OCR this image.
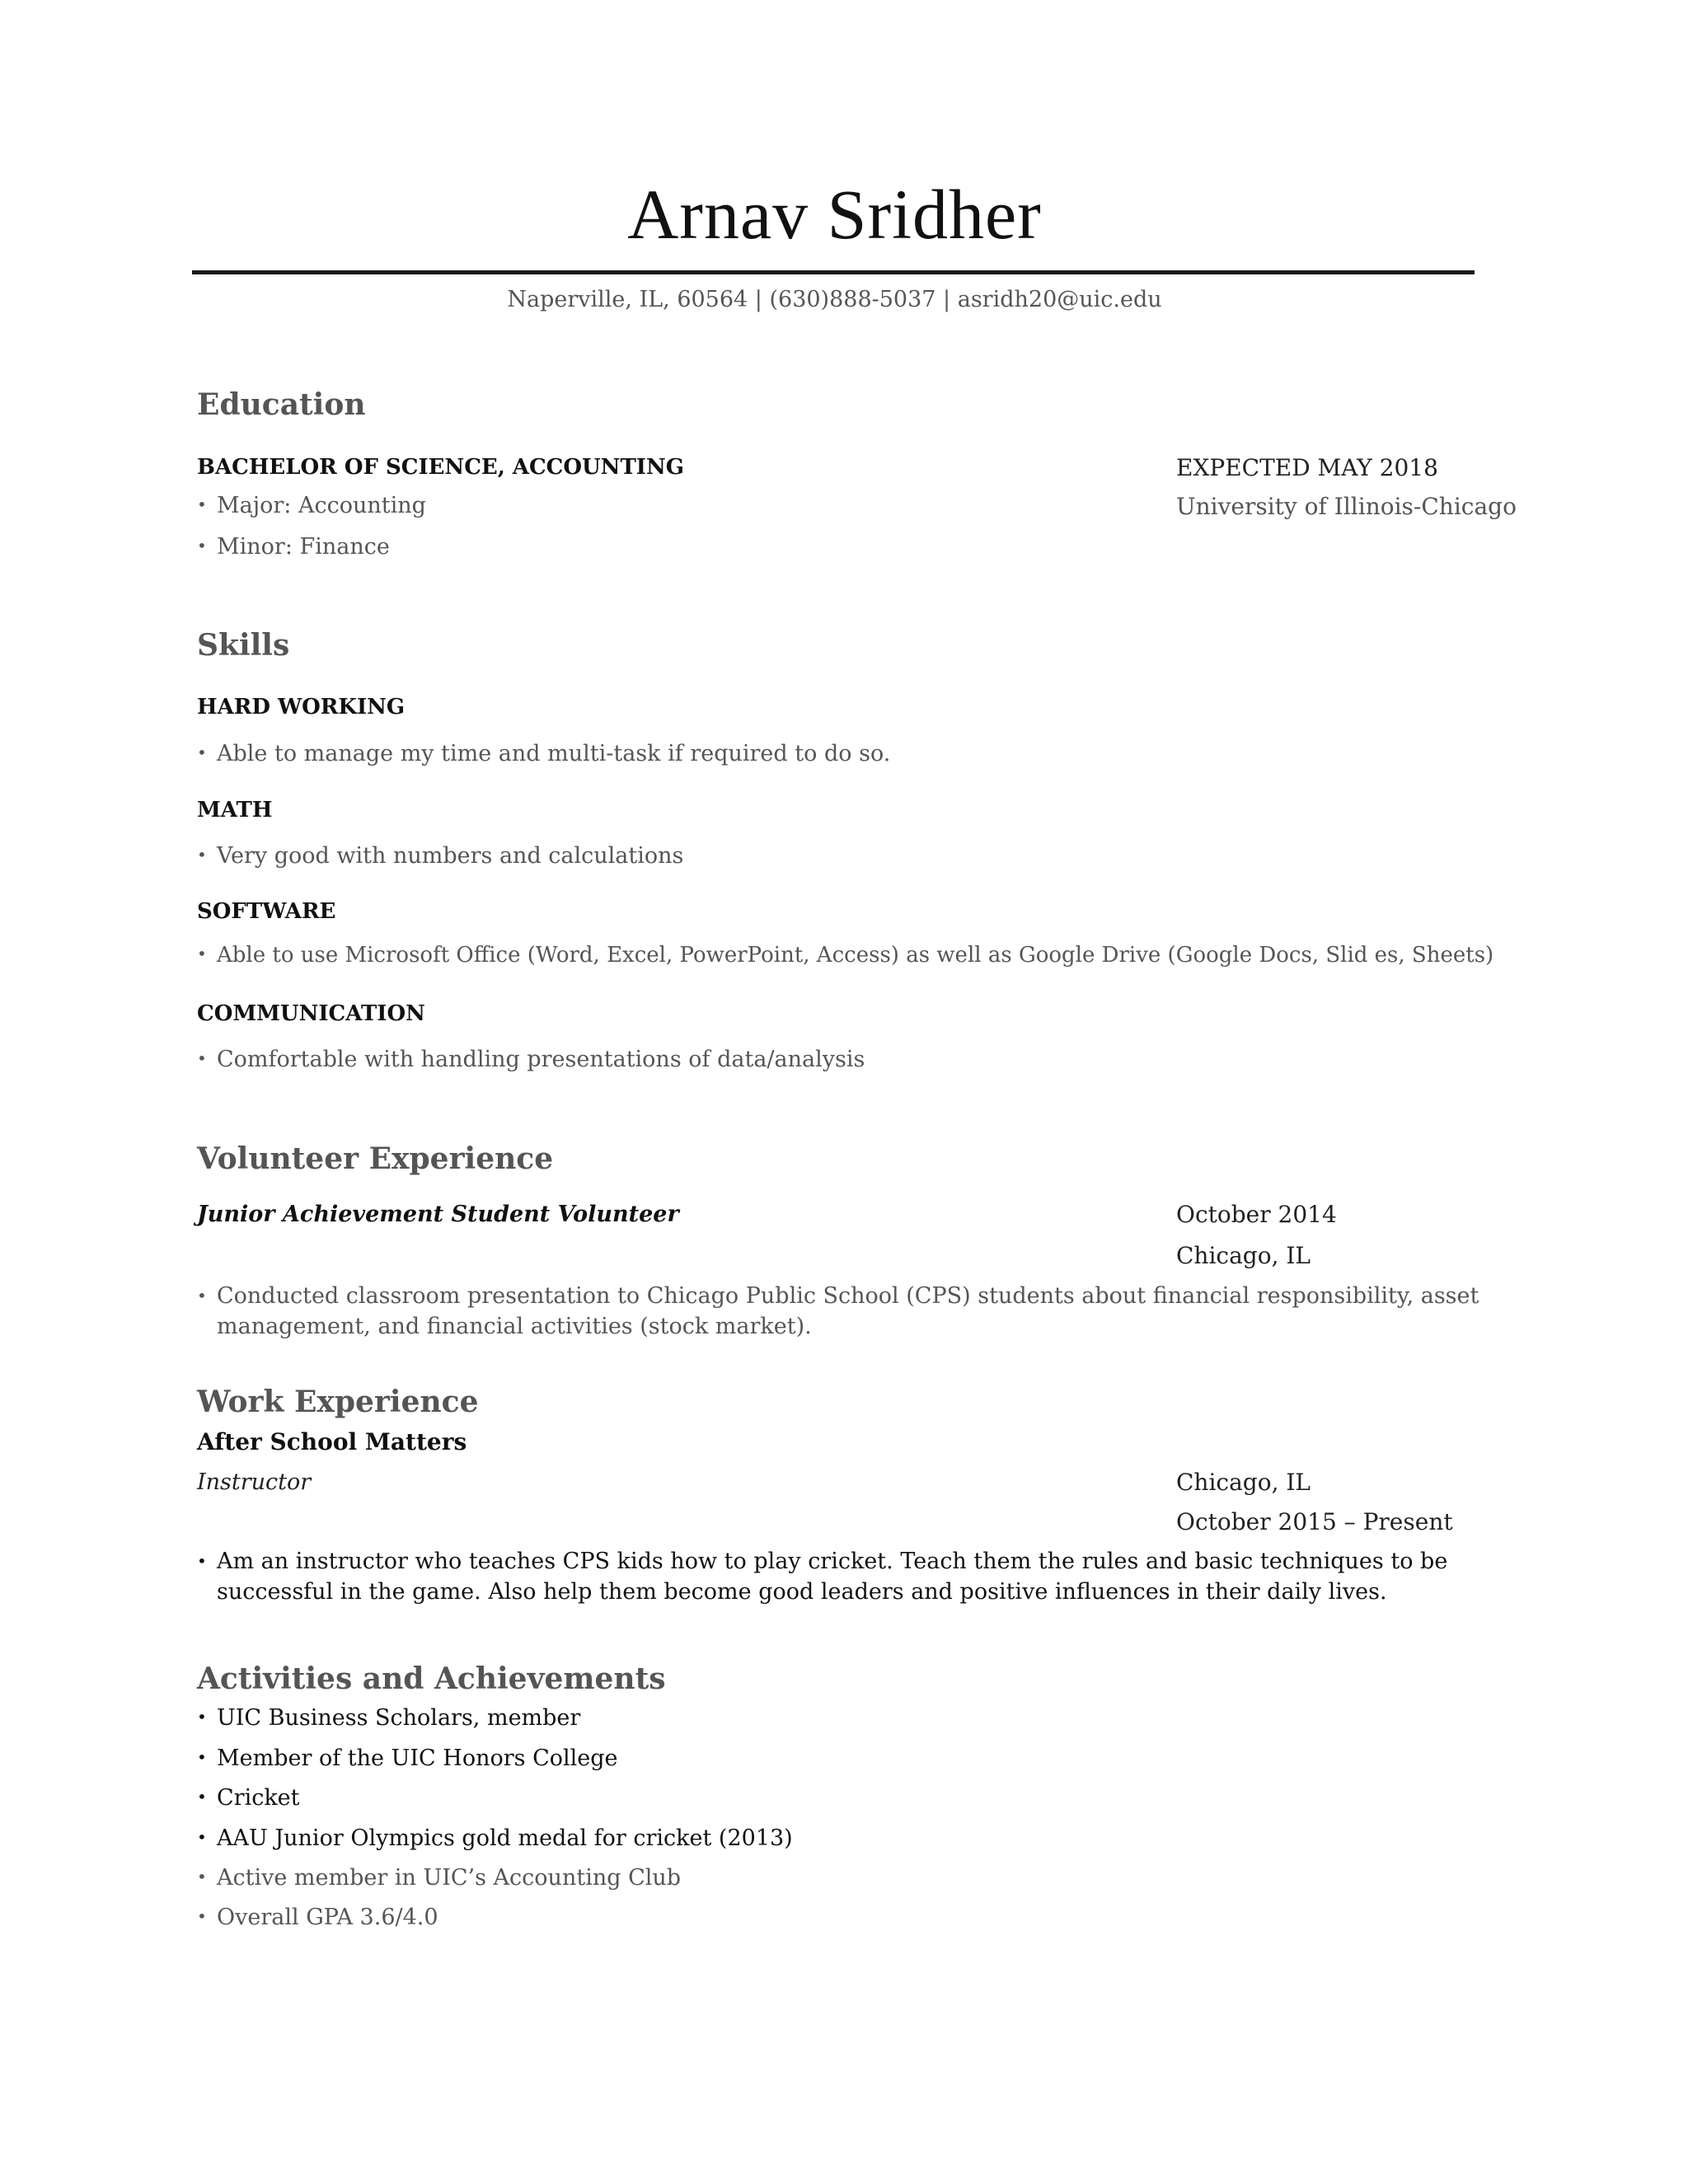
Arnav Sridher
Naperville, IL, 60564 | (630)888-5037 | asridh20@uic.edu
Education
BACHELOR OF SCIENCE, ACCOUNTING	EXPECTED MAY 2018
• Major: Accounting	University of Illinois-Chicago
• Minor: Finance
Skills
HARD WORKING
• Able to manage my time and multi-task if required to do so.
MATH
• Very good with numbers and calculations
SOFTWARE
• Able to use Microsoft Office (Word, Excel, PowerPoint, Access) as well as Google Drive (Google Docs, Slid es, Sheets)
COMMUNICATION
• Comfortable with handling presentations of data/analysis
Volunteer Experience
Junior Achievement Student Volunteer	October 2014
Chicago, IL
• Conducted classroom presentation to Chicago Public School (CPS) students about financial responsibility, asset management, and financial activities (stock market).
Work Experience
After School Matters
Instructor	Chicago, IL
October 2015 – Present
• Am an instructor who teaches CPS kids how to play cricket. Teach them the rules and basic techniques to be successful in the game. Also help them become good leaders and positive influences in their daily lives.
Activities and Achievements
• UIC Business Scholars, member
• Member of the UIC Honors College
• Cricket
• AAU Junior Olympics gold medal for cricket (2013)
• Active member in UIC’s Accounting Club
• Overall GPA 3.6/4.0
